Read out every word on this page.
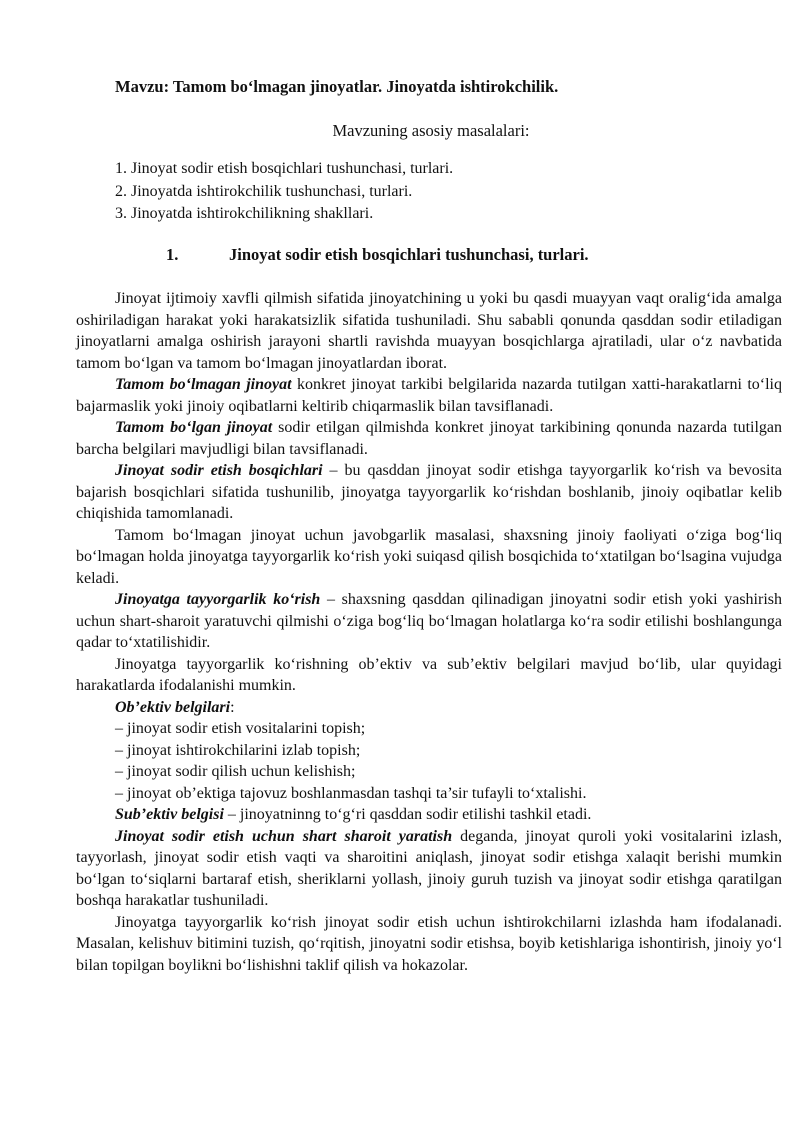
Mavzu: Tamom bo‘lmagan jinoyatlar. Jinoyatda ishtirokchilik.
Mavzuning asosiy masalalari:
1. Jinoyat sodir etish bosqichlari tushunchasi, turlari.
2. Jinoyatda ishtirokchilik tushunchasi, turlari.
3. Jinoyatda ishtirokchilikning shakllari.
1.	Jinoyat sodir etish bosqichlari tushunchasi, turlari.

Jinoyat ijtimoiy xavfli qilmish sifatida jinoyatchining u yoki bu qasdi muayyan vaqt oralig‘ida amalga oshiriladigan harakat yoki harakatsizlik sifatida tushuniladi. Shu sababli qonunda qasddan sodir etiladigan jinoyatlarni amalga oshirish jarayoni shartli ravishda muayyan bosqichlarga ajratiladi, ular o‘z navbatida tamom bo‘lgan va tamom bo‘lmagan jinoyatlardan iborat.

Tamom bo‘lmagan jinoyat konkret jinoyat tarkibi belgilarida nazarda tutilgan xatti-harakatlarni to‘liq bajarmaslik yoki jinoiy oqibatlarni keltirib chiqarmaslik bilan tavsiflanadi.

Tamom bo‘lgan jinoyat sodir etilgan qilmishda konkret jinoyat tarkibining qonunda nazarda tutilgan barcha belgilari mavjudligi bilan tavsiflanadi.

Jinoyat sodir etish bosqichlari – bu qasddan jinoyat sodir etishga tayyorgarlik ko‘rish va bevosita bajarish bosqichlari sifatida tushunilib, jinoyatga tayyorgarlik ko‘rishdan boshlanib, jinoiy oqibatlar kelib chiqishida tamomlanadi.

Tamom bo‘lmagan jinoyat uchun javobgarlik masalasi, shaxsning jinoiy faoliyati o‘ziga bog‘liq bo‘lmagan holda jinoyatga tayyorgarlik ko‘rish yoki suiqasd qilish bosqichida to‘xtatilgan bo‘lsagina vujudga keladi.

Jinoyatga tayyorgarlik ko‘rish – shaxsning qasddan qilinadigan jinoyatni sodir etish yoki yashirish uchun shart-sharoit yaratuvchi qilmishi o‘ziga bog‘liq bo‘lmagan holatlarga ko‘ra sodir etilishi boshlangunga qadar to‘xtatilishidir.

Jinoyatga tayyorgarlik ko‘rishning ob’ektiv va sub’ektiv belgilari mavjud bo‘lib, ular quyidagi harakatlarda ifodalanishi mumkin.

Ob’ektiv belgilari:

– jinoyat sodir etish vositalarini topish;

– jinoyat ishtirokchilarini izlab topish;

– jinoyat sodir qilish uchun kelishish;

– jinoyat ob’ektiga tajovuz boshlanmasdan tashqi ta’sir tufayli to‘xtalishi.

Sub’ektiv belgisi – jinoyatninng to‘g‘ri qasddan sodir etilishi tashkil etadi.

Jinoyat sodir etish uchun shart sharoit yaratish deganda, jinoyat quroli yoki vositalarini izlash, tayyorlash, jinoyat sodir etish vaqti va sharoitini aniqlash, jinoyat sodir etishga xalaqit berishi mumkin bo‘lgan to‘siqlarni bartaraf etish, sheriklarni yollash, jinoiy guruh tuzish va jinoyat sodir etishga qaratilgan boshqa harakatlar tushuniladi.

Jinoyatga tayyorgarlik ko‘rish jinoyat sodir etish uchun ishtirokchilarni izlashda ham ifodalanadi. Masalan, kelishuv bitimini tuzish, qo‘rqitish, jinoyatni sodir etishsa, boyib ketishlariga ishontirish, jinoiy yo‘l bilan topilgan boylikni bo‘lishishni taklif qilish va hokazolar.
